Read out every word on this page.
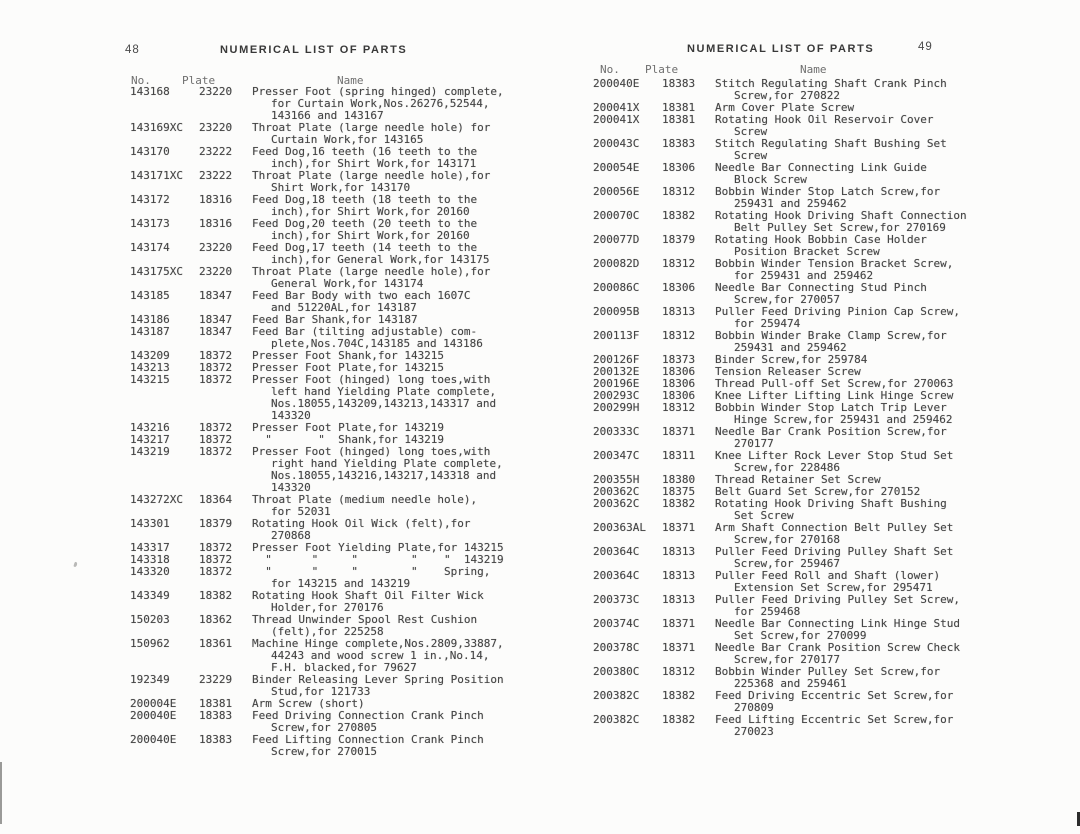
48	NUMERICAL LIST OF PARTS
No.	Plate	Name
143168	23220	Presser Foot (spring hinged) complete,
for Curtain Work,Nos.26276,52544,
143166 and 143167
143169XC	23220	Throat Plate (large needle hole) for
Curtain Work,for 143165
143170	23222	Feed Dog,16 teeth (16 teeth to the
inch),for Shirt Work,for 143171
143171XC	23222	Throat Plate (large needle hole),for
Shirt Work,for 143170
143172	18316	Feed Dog,18 teeth (18 teeth to the
inch),for Shirt Work,for 20160
143173	18316	Feed Dog,20 teeth (20 teeth to the
inch),for Shirt Work,for 20160
143174	23220	Feed Dog,17 teeth (14 teeth to the
inch),for General Work,for 143175
143175XC	23220	Throat Plate (large needle hole),for
General Work,for 143174
143185	18347	Feed Bar Body with two each 1607C
and 51220AL,for 143187
143186	18347	Feed Bar Shank,for 143187
143187	18347	Feed Bar (tilting adjustable) com-
plete,Nos.704C,143185 and 143186
143209	18372	Presser Foot Shank,for 143215
143213	18372	Presser Foot Plate,for 143215
143215	18372	Presser Foot (hinged) long toes,with
left hand Yielding Plate complete,
Nos.18055,143209,143213,143317 and
143320
143216	18372	Presser Foot Plate,for 143219
143217	18372	"       "  Shank,for 143219
143219	18372	Presser Foot (hinged) long toes,with
right hand Yielding Plate complete,
Nos.18055,143216,143217,143318 and
143320
143272XC	18364	Throat Plate (medium needle hole),
for 52031
143301	18379	Rotating Hook Oil Wick (felt),for
270868
143317	18372	Presser Foot Yielding Plate,for 143215
143318	18372	"      "     "        "    "  143219
143320	18372	"      "     "        "    Spring,
for 143215 and 143219
143349	18382	Rotating Hook Shaft Oil Filter Wick
Holder,for 270176
150203	18362	Thread Unwinder Spool Rest Cushion
(felt),for 225258
150962	18361	Machine Hinge complete,Nos.2809,33887,
44243 and wood screw 1 in.,No.14,
F.H. blacked,for 79627
192349	23229	Binder Releasing Lever Spring Position
Stud,for 121733
200004E	18381	Arm Screw (short)
200040E	18383	Feed Driving Connection Crank Pinch
Screw,for 270805
200040E	18383	Feed Lifting Connection Crank Pinch
Screw,for 270015
NUMERICAL LIST OF PARTS	49
No. Plate	Name
200040E	18383	Stitch Regulating Shaft Crank Pinch
Screw,for 270822
200041X	18381	Arm Cover Plate Screw
200041X	18381	Rotating Hook Oil Reservoir Cover
Screw
200043C	18383	Stitch Regulating Shaft Bushing Set
Screw
200054E	18306	Needle Bar Connecting Link Guide
Block Screw
200056E	18312	Bobbin Winder Stop Latch Screw,for
259431 and 259462
200070C	18382	Rotating Hook Driving Shaft Connection
Belt Pulley Set Screw,for 270169
200077D	18379	Rotating Hook Bobbin Case Holder
Position Bracket Screw
200082D	18312	Bobbin Winder Tension Bracket Screw,
for 259431 and 259462
200086C	18306	Needle Bar Connecting Stud Pinch
Screw,for 270057
200095B	18313	Puller Feed Driving Pinion Cap Screw,
for 259474
200113F	18312	Bobbin Winder Brake Clamp Screw,for
259431 and 259462
200126F	18373	Binder Screw,for 259784
200132E	18306	Tension Releaser Screw
200196E	18306	Thread Pull-off Set Screw,for 270063
200293C	18306	Knee Lifter Lifting Link Hinge Screw
200299H	18312	Bobbin Winder Stop Latch Trip Lever
Hinge Screw,for 259431 and 259462
200333C	18371	Needle Bar Crank Position Screw,for
270177
200347C	18311	Knee Lifter Rock Lever Stop Stud Set
Screw,for 228486
200355H	18380	Thread Retainer Set Screw
200362C	18375	Belt Guard Set Screw,for 270152
200362C	18382	Rotating Hook Driving Shaft Bushing
Set Screw
200363AL	18371	Arm Shaft Connection Belt Pulley Set
Screw,for 270168
200364C	18313	Puller Feed Driving Pulley Shaft Set
Screw,for 259467
200364C	18313	Puller Feed Roll and Shaft (lower)
Extension Set Screw,for 295471
200373C	18313	Puller Feed Driving Pulley Set Screw,
for 259468
200374C	18371	Needle Bar Connecting Link Hinge Stud
Set Screw,for 270099
200378C	18371	Needle Bar Crank Position Screw Check
Screw,for 270177
200380C	18312	Bobbin Winder Pulley Set Screw,for
225368 and 259461
200382C	18382	Feed Driving Eccentric Set Screw,for
270809
200382C	18382	Feed Lifting Eccentric Set Screw,for
270023
